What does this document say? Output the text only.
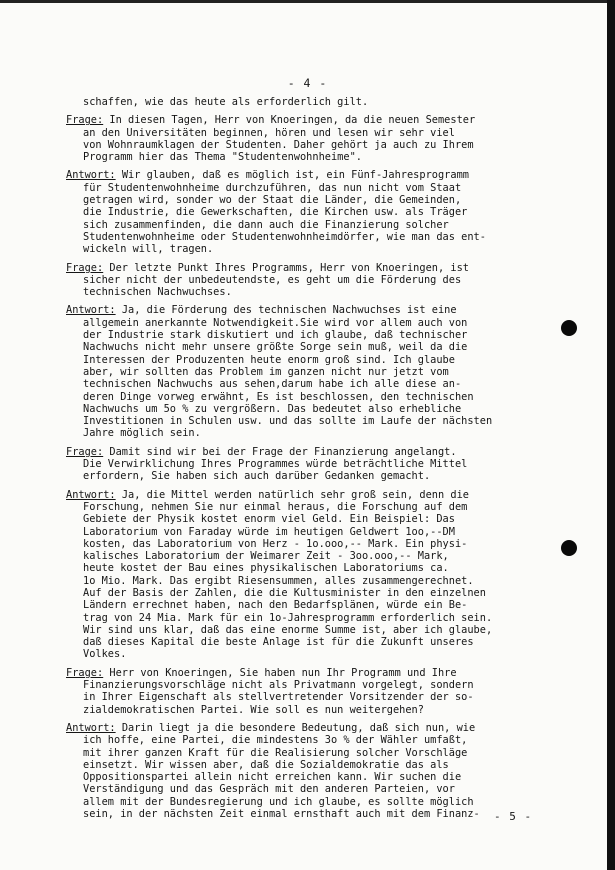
- 4 -

schaffen, wie das heute als erforderlich gilt.

Frage: In diesen Tagen, Herr von Knoeringen, da die neuen Semester
an den Universitäten beginnen, hören und lesen wir sehr viel
von Wohnraumklagen der Studenten. Daher gehört ja auch zu Ihrem
Programm hier das Thema "Studentenwohnheime".

Antwort: Wir glauben, daß es möglich ist, ein Fünf-Jahresprogramm
für Studentenwohnheime durchzuführen, das nun nicht vom Staat
getragen wird, sonder wo der Staat die Länder, die Gemeinden,
die Industrie, die Gewerkschaften, die Kirchen usw. als Träger
sich zusammenfinden, die dann auch die Finanzierung solcher
Studentenwohnheime oder Studentenwohnheimdörfer, wie man das ent-
wickeln will, tragen.

Frage: Der letzte Punkt Ihres Programms, Herr von Knoeringen, ist
sicher nicht der unbedeutendste, es geht um die Förderung des
technischen Nachwuchses.

Antwort: Ja, die Förderung des technischen Nachwuchses ist eine
allgemein anerkannte Notwendigkeit.Sie wird vor allem auch von
der Industrie stark diskutiert und ich glaube, daß technischer
Nachwuchs nicht mehr unsere größte Sorge sein muß, weil da die
Interessen der Produzenten heute enorm groß sind. Ich glaube
aber, wir sollten das Problem im ganzen nicht nur jetzt vom
technischen Nachwuchs aus sehen,darum habe ich alle diese an-
deren Dinge vorweg erwähnt, Es ist beschlossen, den technischen
Nachwuchs um 5o % zu vergrößern. Das bedeutet also erhebliche
Investitionen in Schulen usw. und das sollte im Laufe der nächsten
Jahre möglich sein.

Frage: Damit sind wir bei der Frage der Finanzierung angelangt.
Die Verwirklichung Ihres Programmes würde beträchtliche Mittel
erfordern, Sie haben sich auch darüber Gedanken gemacht.

Antwort: Ja, die Mittel werden natürlich sehr groß sein, denn die
Forschung, nehmen Sie nur einmal heraus, die Forschung auf dem
Gebiete der Physik kostet enorm viel Geld. Ein Beispiel: Das
Laboratorium von Faraday würde im heutigen Geldwert 1oo,--DM
kosten, das Laboratorium von Herz - 1o.ooo,-- Mark. Ein physi-
kalisches Laboratorium der Weimarer Zeit - 3oo.ooo,-- Mark,
heute kostet der Bau eines physikalischen Laboratoriums ca.
1o Mio. Mark. Das ergibt Riesensummen, alles zusammengerechnet.
Auf der Basis der Zahlen, die die Kultusminister in den einzelnen
Ländern errechnet haben, nach den Bedarfsplänen, würde ein Be-
trag von 24 Mia. Mark für ein 1o-Jahresprogramm erforderlich sein.
Wir sind uns klar, daß das eine enorme Summe ist, aber ich glaube,
daß dieses Kapital die beste Anlage ist für die Zukunft unseres
Volkes.

Frage: Herr von Knoeringen, Sie haben nun Ihr Programm und Ihre
Finanzierungsvorschläge nicht als Privatmann vorgelegt, sondern
in Ihrer Eigenschaft als stellvertretender Vorsitzender der so-
zialdemokratischen Partei. Wie soll es nun weitergehen?

Antwort: Darin liegt ja die besondere Bedeutung, daß sich nun, wie
ich hoffe, eine Partei, die mindestens 3o % der Wähler umfaßt,
mit ihrer ganzen Kraft für die Realisierung solcher Vorschläge
einsetzt. Wir wissen aber, daß die Sozialdemokratie das als
Oppositionspartei allein nicht erreichen kann. Wir suchen die
Verständigung und das Gespräch mit den anderen Parteien, vor
allem mit der Bundesregierung und ich glaube, es sollte möglich
sein, in der nächsten Zeit einmal ernsthaft auch mit dem Finanz-	- 5 -
